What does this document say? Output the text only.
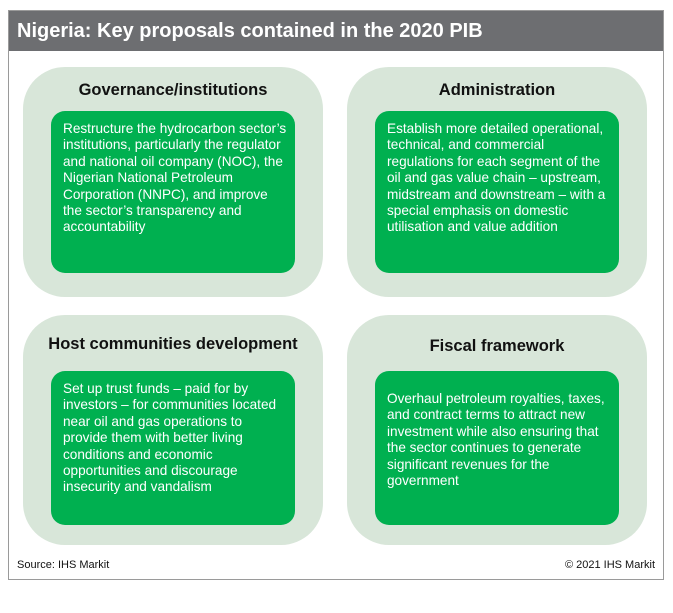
Nigeria: Key proposals contained in the 2020 PIB
Governance/institutions
Restructure the hydrocarbon sector’s institutions, particularly the regulator and national oil company (NOC), the Nigerian National Petroleum Corporation (NNPC), and improve the sector’s transparency and accountability
Administration
Establish more detailed operational, technical, and commercial regulations for each segment of the oil and gas value chain – upstream, midstream and downstream – with a special emphasis on domestic utilisation and value addition
Host communities development
Set up trust funds – paid for by investors – for communities located near oil and gas operations to provide them with better living conditions and economic opportunities and discourage insecurity and vandalism
Fiscal framework
Overhaul petroleum royalties, taxes, and contract terms to attract new investment while also ensuring that the sector continues to generate significant revenues for the government
Source: IHS Markit	© 2021 IHS Markit
